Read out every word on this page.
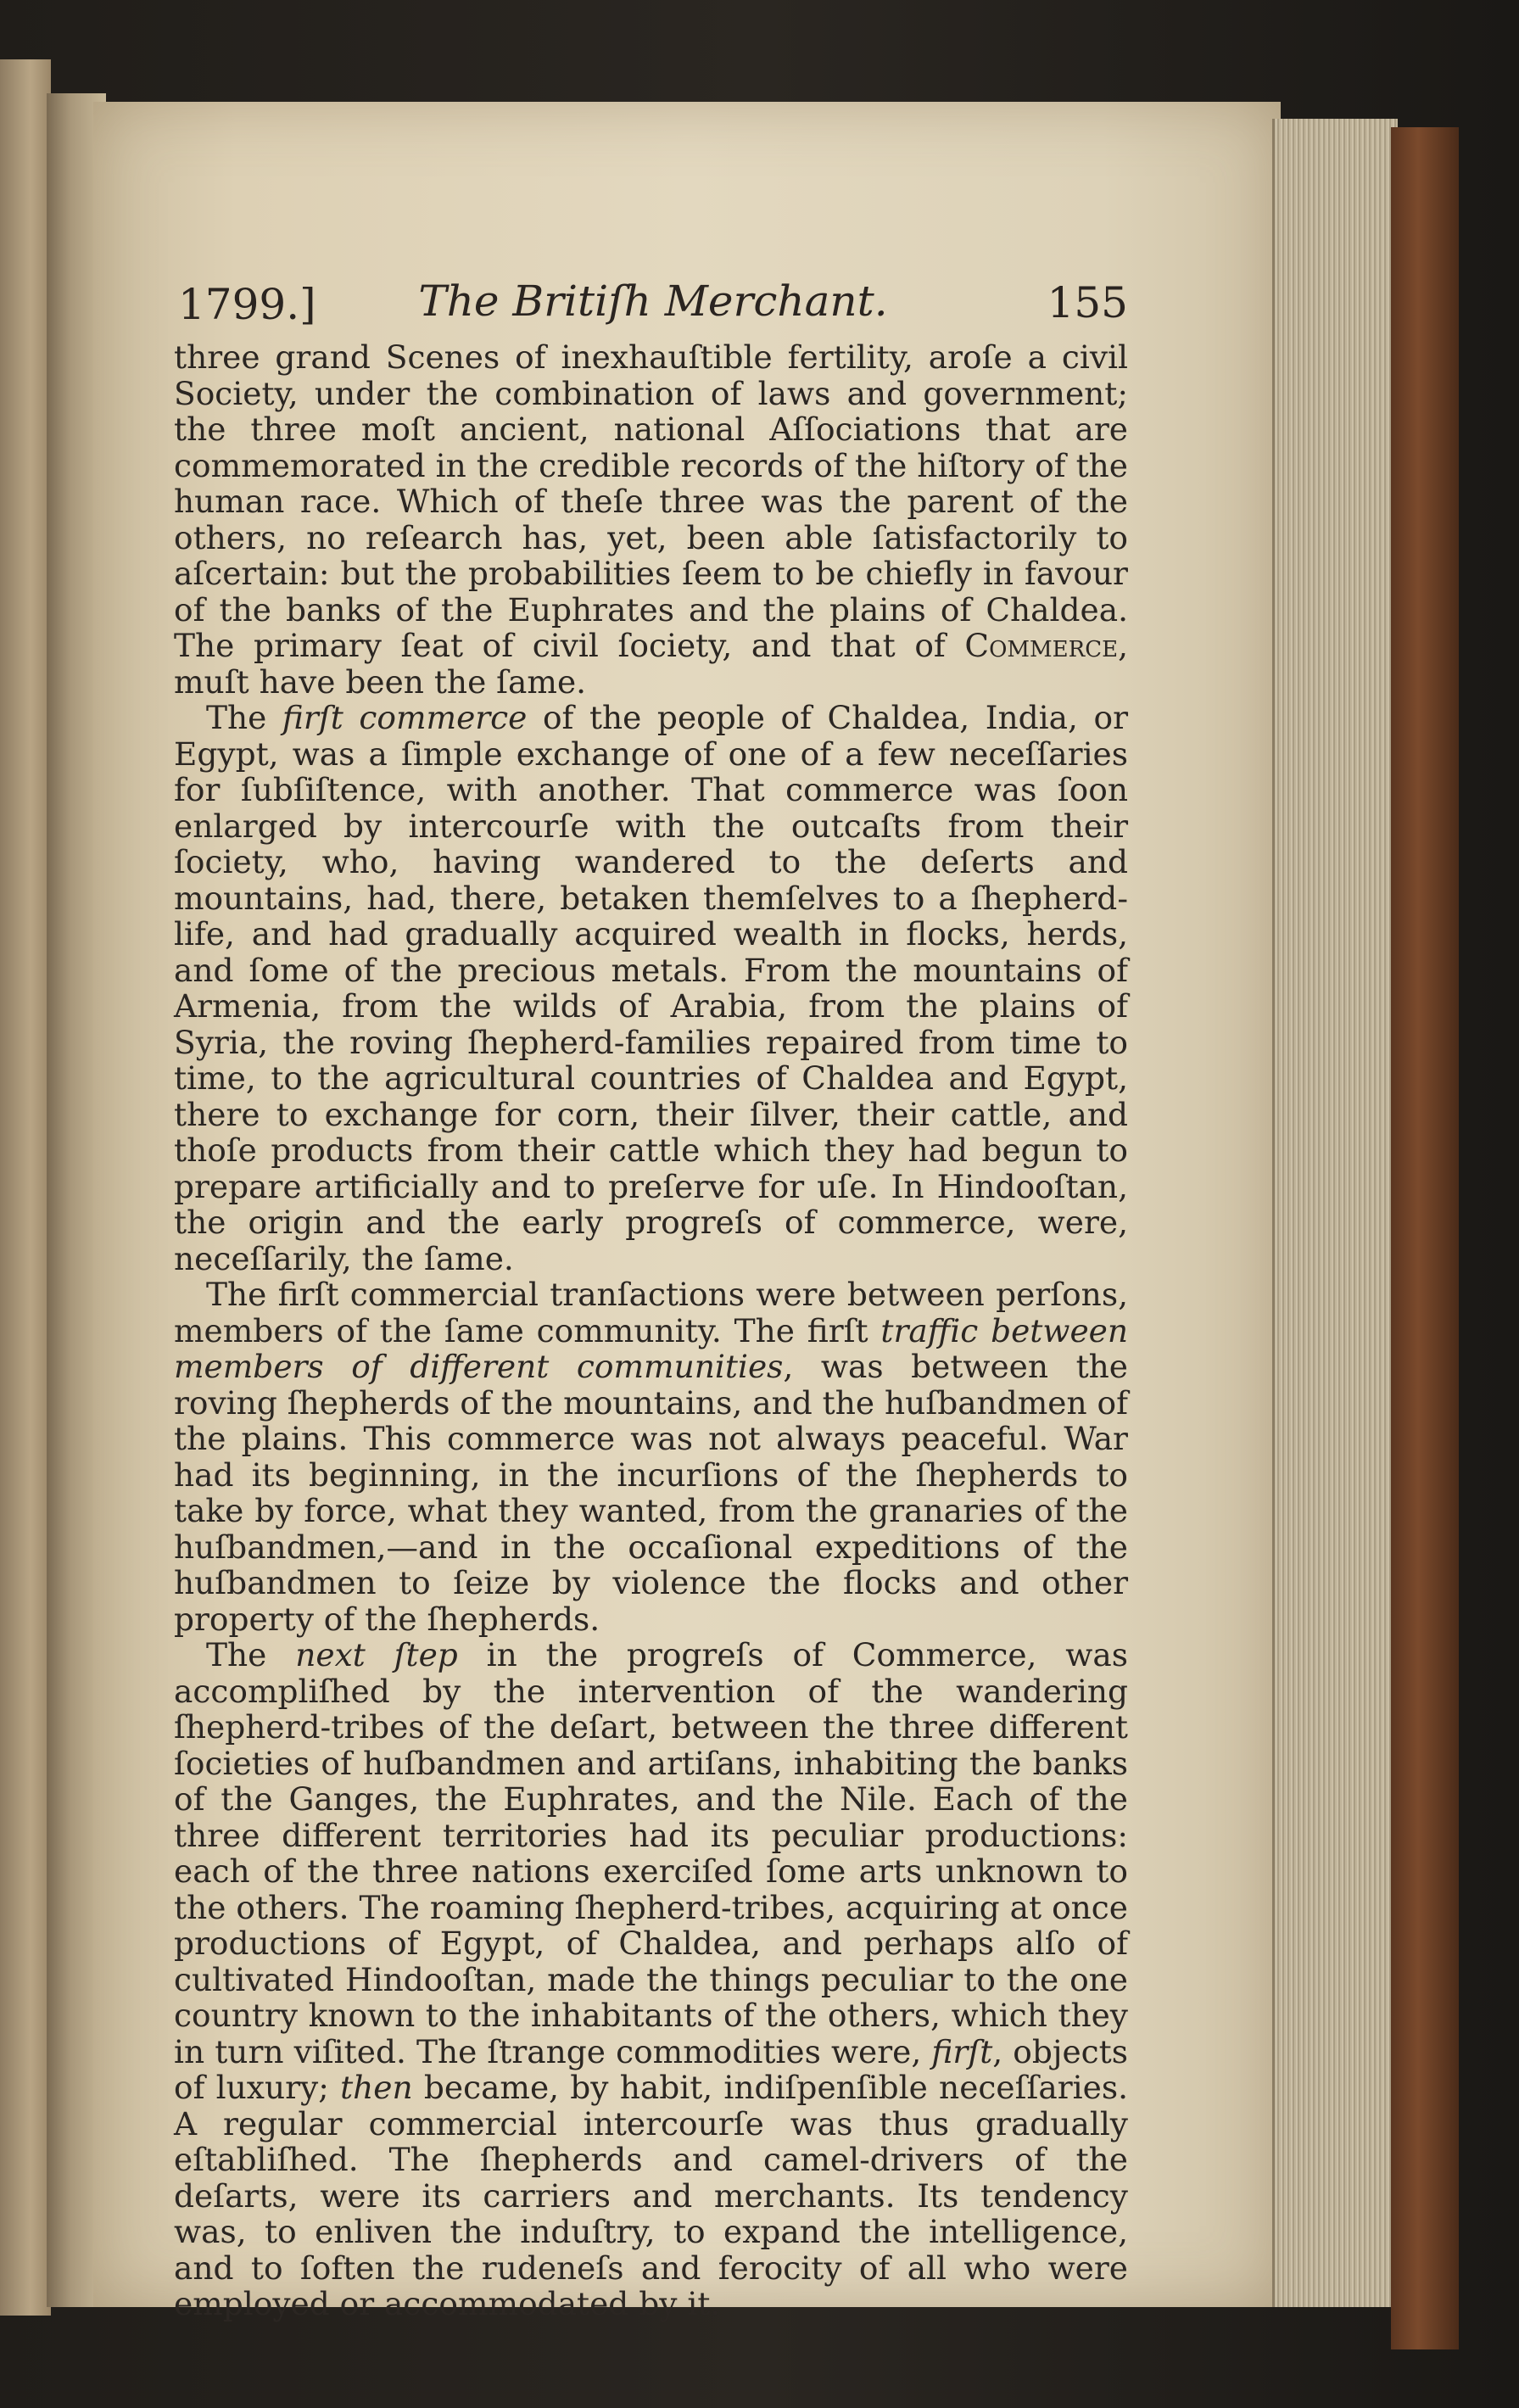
1799.]	The Britiſh Merchant.	155

three grand Scenes of inexhauſtible fertility, aroſe a civil Society, under the combination of laws and government; the three moſt ancient, national Aſſociations that are commemorated in the credible records of the hiſtory of the human race. Which of theſe three was the parent of the others, no reſearch has, yet, been able ſatisfactorily to aſcertain: but the probabilities ſeem to be chiefly in favour of the banks of the Euphrates and the plains of Chaldea. The primary ſeat of civil ſociety, and that of Commerce, muſt have been the ſame.

The firſt commerce of the people of Chaldea, India, or Egypt, was a ſimple exchange of one of a few neceſſaries for ſubſiſtence, with another. That commerce was ſoon enlarged by intercourſe with the outcaſts from their ſociety, who, having wandered to the deſerts and mountains, had, there, betaken themſelves to a ſhepherd-life, and had gradually acquired wealth in flocks, herds, and ſome of the precious metals. From the mountains of Armenia, from the wilds of Arabia, from the plains of Syria, the roving ſhepherd-families repaired from time to time, to the agricultural countries of Chaldea and Egypt, there to exchange for corn, their ſilver, their cattle, and thoſe products from their cattle which they had begun to prepare artificially and to preſerve for uſe. In Hindooſtan, the origin and the early progreſs of commerce, were, neceſſarily, the ſame.

The firſt commercial tranſactions were between perſons, members of the ſame community. The firſt traffic between members of different communities, was between the roving ſhepherds of the mountains, and the huſbandmen of the plains. This commerce was not always peaceful. War had its beginning, in the incurſions of the ſhepherds to take by force, what they wanted, from the granaries of the huſbandmen,—and in the occaſional expeditions of the huſbandmen to ſeize by violence the flocks and other property of the ſhepherds.

The next ſtep in the progreſs of Commerce, was accompliſhed by the intervention of the wandering ſhepherd-tribes of the deſart, between the three different ſocieties of huſbandmen and artiſans, inhabiting the banks of the Ganges, the Euphrates, and the Nile. Each of the three different territories had its peculiar productions: each of the three nations exerciſed ſome arts unknown to the others. The roaming ſhepherd-tribes, acquiring at once productions of Egypt, of Chaldea, and perhaps alſo of cultivated Hindooſtan, made the things peculiar to the one country known to the inhabitants of the others, which they in turn viſited. The ſtrange commodities were, firſt, objects of luxury; then became, by habit, indiſpenſible neceſſaries. A regular commercial intercourſe was thus gradually eſtabliſhed. The ſhepherds and camel-drivers of the deſarts, were its carriers and merchants. Its tendency was, to enliven the induſtry, to expand the intelligence, and to ſoften the rudeneſs and ferocity of all who were employed or accommodated by it.
